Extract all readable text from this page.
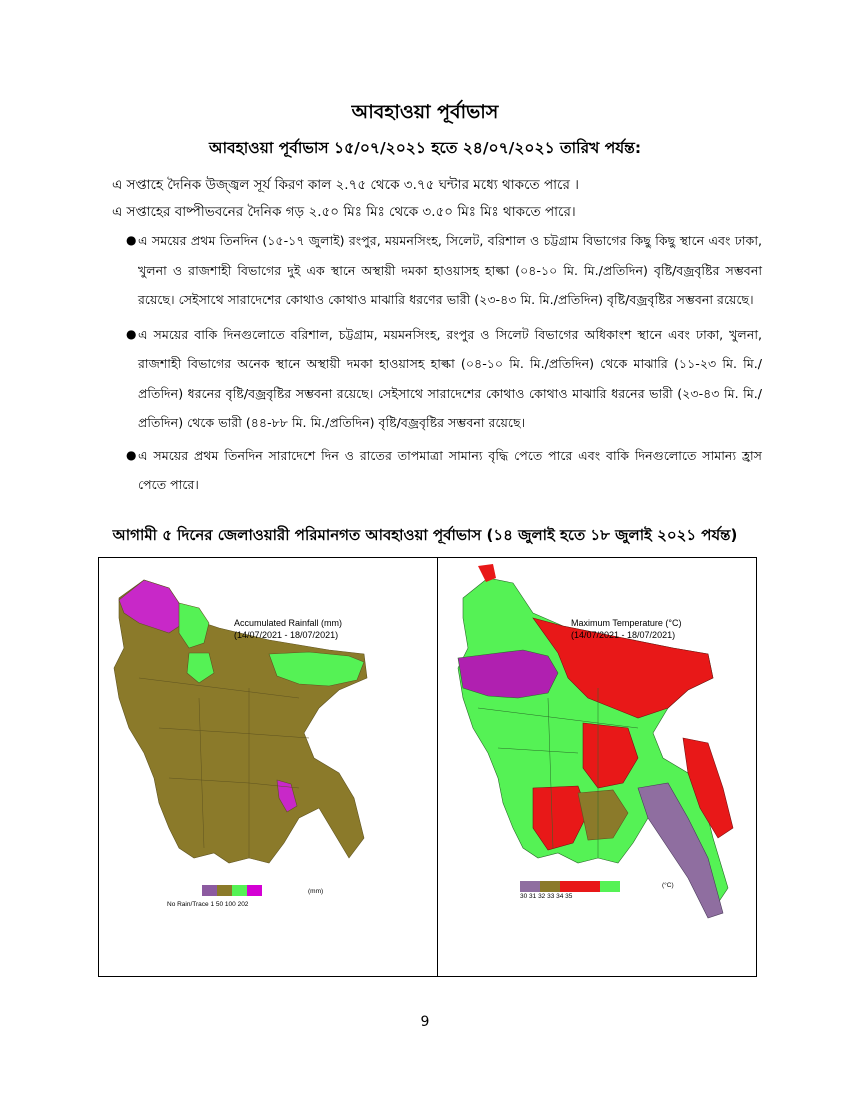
আবহাওয়া পূর্বাভাস
আবহাওয়া পূর্বাভাস ১৫/০৭/২০২১ হতে ২৪/০৭/২০২১ তারিখ পর্যন্ত:
এ সপ্তাহে দৈনিক উজ্জ্বল সূর্য কিরণ কাল ২.৭৫ থেকে ৩.৭৫ ঘন্টার মধ্যে থাকতে পারে ।
এ সপ্তাহের বাষ্পীভবনের দৈনিক গড় ২.৫০ মিঃ মিঃ থেকে ৩.৫০ মিঃ মিঃ থাকতে পারে।
● এ সময়ের প্রথম তিনদিন (১৫-১৭ জুলাই) রংপুর, ময়মনসিংহ, সিলেট, বরিশাল ও চট্টগ্রাম বিভাগের কিছু কিছু স্থানে এবং ঢাকা, খুলনা ও রাজশাহী বিভাগের দুই এক স্থানে অস্থায়ী দমকা হাওয়াসহ হাল্কা (০৪-১০ মি. মি./প্রতিদিন) বৃষ্টি/বজ্রবৃষ্টির সম্ভবনা রয়েছে। সেইসাথে সারাদেশের কোথাও কোথাও মাঝারি ধরণের ভারী (২৩-৪৩ মি. মি./প্রতিদিন) বৃষ্টি/বজ্রবৃষ্টির সম্ভবনা রয়েছে।
● এ সময়ের বাকি দিনগুলোতে বরিশাল, চট্টগ্রাম, ময়মনসিংহ, রংপুর ও সিলেট বিভাগের অধিকাংশ স্থানে এবং ঢাকা, খুলনা, রাজশাহী বিভাগের অনেক স্থানে অস্থায়ী দমকা হাওয়াসহ হাল্কা (০৪-১০ মি. মি./প্রতিদিন) থেকে মাঝারি (১১-২৩ মি. মি./প্রতিদিন) ধরনের বৃষ্টি/বজ্রবৃষ্টির সম্ভবনা রয়েছে। সেইসাথে সারাদেশের কোথাও কোথাও মাঝারি ধরনের ভারী (২৩-৪৩ মি. মি./প্রতিদিন) থেকে ভারী (৪৪-৮৮ মি. মি./প্রতিদিন) বৃষ্টি/বজ্রবৃষ্টির সম্ভবনা রয়েছে।
● এ সময়ের প্রথম তিনদিন সারাদেশে দিন ও রাতের তাপমাত্রা সামান্য বৃদ্ধি পেতে পারে এবং বাকি দিনগুলোতে সামান্য হ্রাস পেতে পারে।
আগামী ৫ দিনের জেলাওয়ারী পরিমানগত আবহাওয়া পূর্বাভাস (১৪ জুলাই হতে ১৮ জুলাই ২০২১ পর্যন্ত)
Accumulated Rainfall (mm)
(14/07/2021 - 18/07/2021)
No Rain/Trace 1 50 100 202
(mm)
Maximum Temperature (°C)
(14/07/2021 - 18/07/2021)
30 31 32 33 34 35
(°C)
9
